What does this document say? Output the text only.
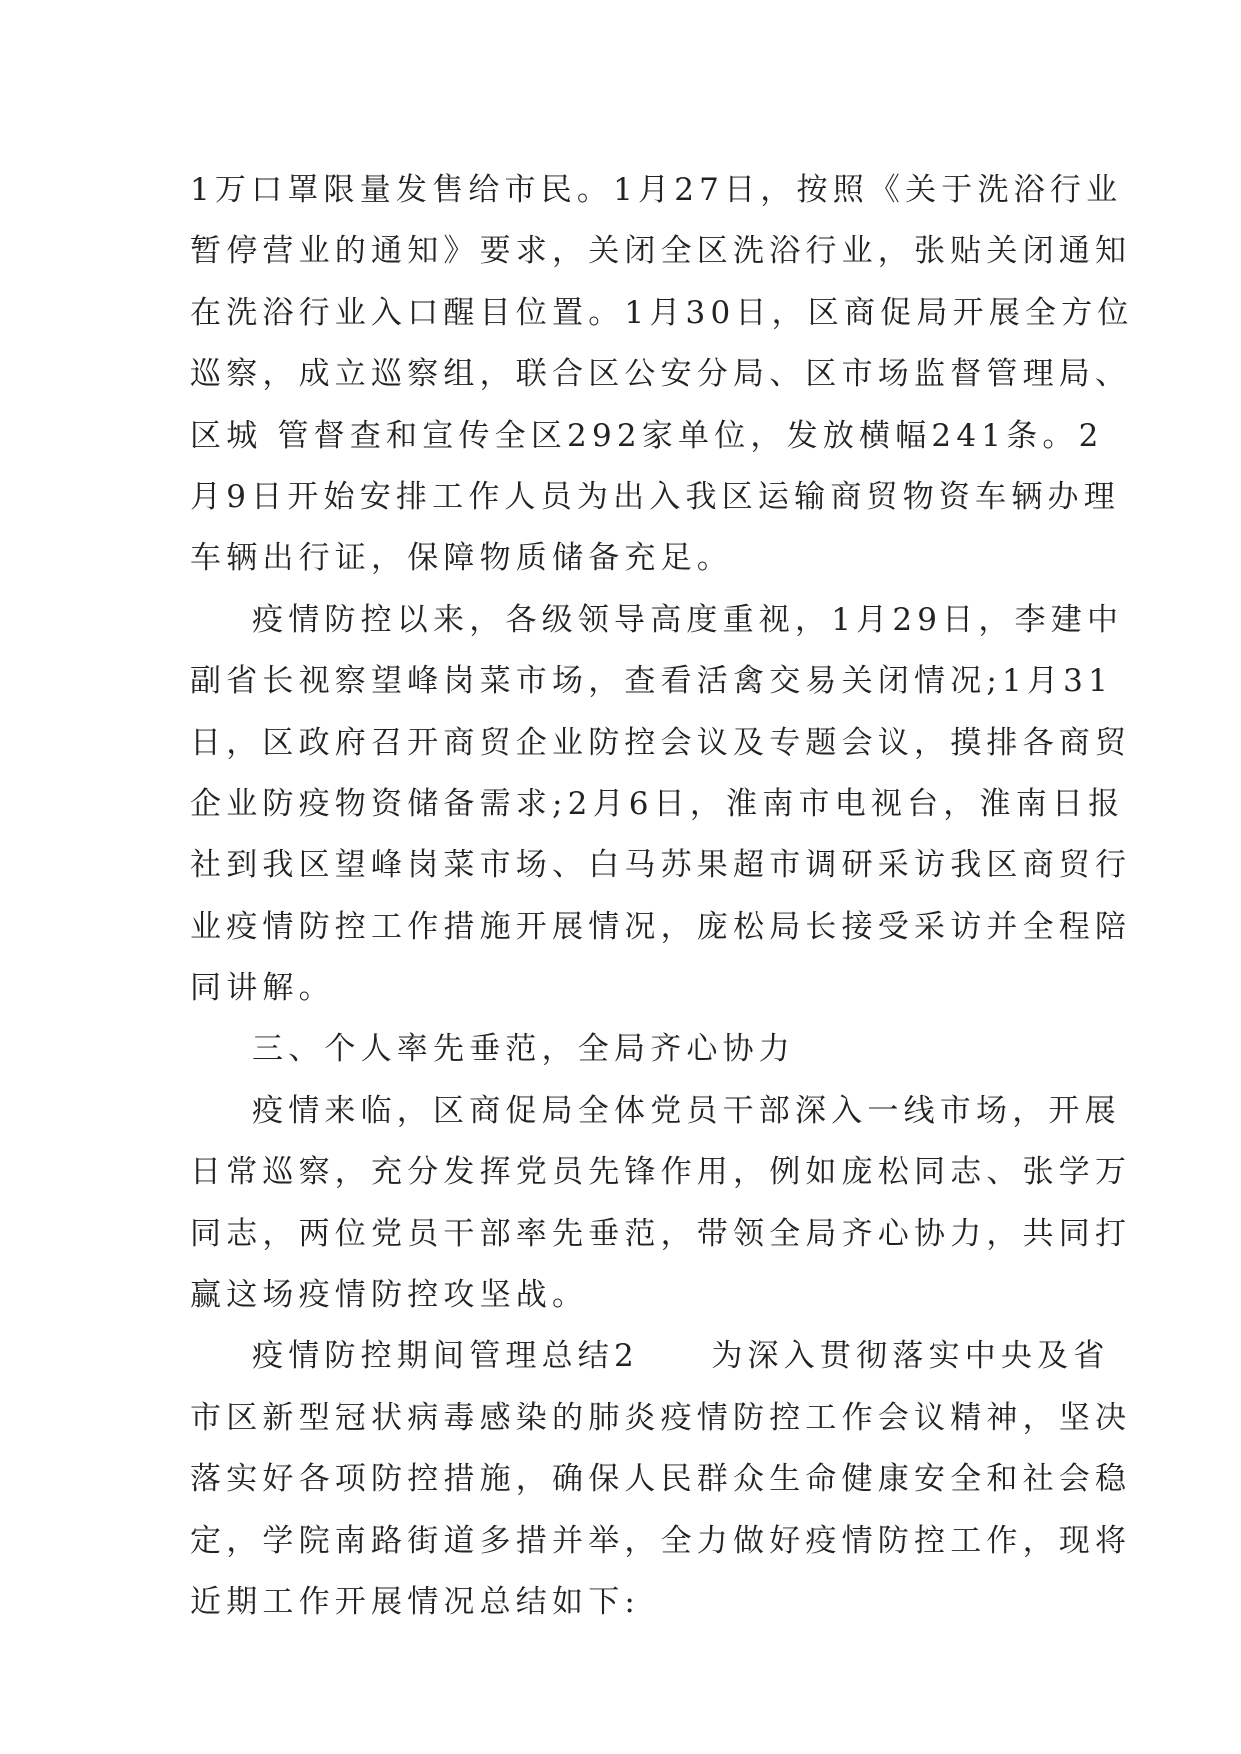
1万口罩限量发售给市民。1月27日，按照《关于洗浴行业
暂停营业的通知》要求，关闭全区洗浴行业，张贴关闭通知
在洗浴行业入口醒目位置。1月30日，区商促局开展全方位
巡察，成立巡察组，联合区公安分局、区市场监督管理局、
区城 管督查和宣传全区292家单位，发放横幅241条。2
月9日开始安排工作人员为出入我区运输商贸物资车辆办理
车辆出行证，保障物质储备充足。
疫情防控以来，各级领导高度重视，1月29日，李建中
副省长视察望峰岗菜市场，查看活禽交易关闭情况;1月31
日，区政府召开商贸企业防控会议及专题会议，摸排各商贸
企业防疫物资储备需求;2月6日，淮南市电视台，淮南日报
社到我区望峰岗菜市场、白马苏果超市调研采访我区商贸行
业疫情防控工作措施开展情况，庞松局长接受采访并全程陪
同讲解。
三、个人率先垂范，全局齐心协力
疫情来临，区商促局全体党员干部深入一线市场，开展
日常巡察，充分发挥党员先锋作用，例如庞松同志、张学万
同志，两位党员干部率先垂范，带领全局齐心协力，共同打
赢这场疫情防控攻坚战。
疫情防控期间管理总结2　　为深入贯彻落实中央及省
市区新型冠状病毒感染的肺炎疫情防控工作会议精神，坚决
落实好各项防控措施，确保人民群众生命健康安全和社会稳
定，学院南路街道多措并举，全力做好疫情防控工作，现将
近期工作开展情况总结如下:
